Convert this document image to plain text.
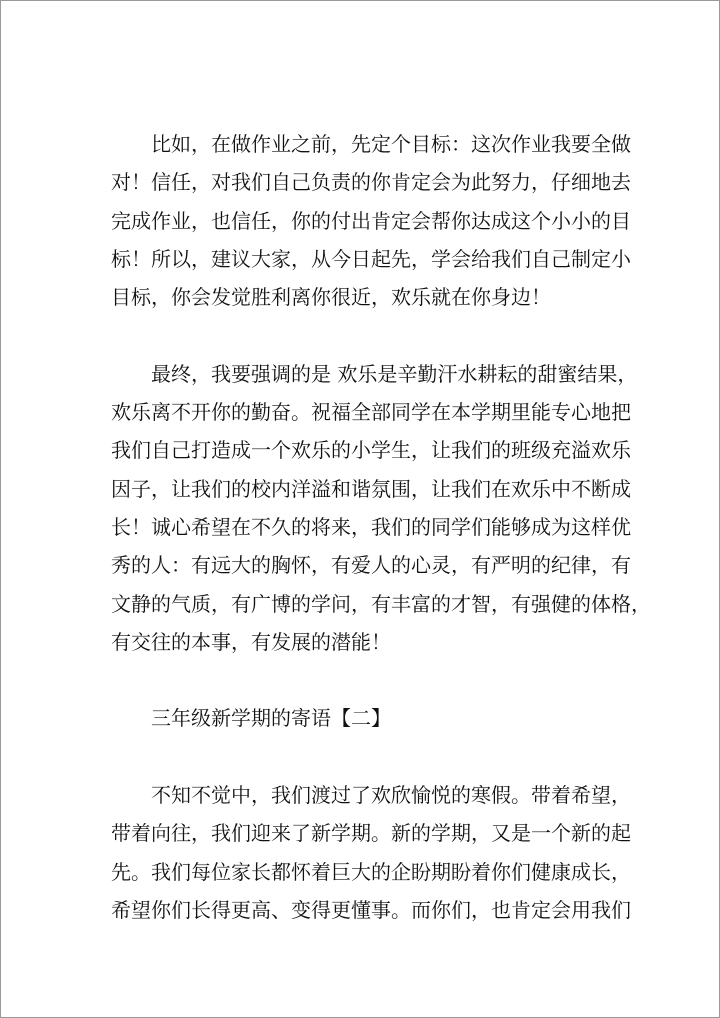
比如，在做作业之前，先定个目标：这次作业我要全做
对！信任，对我们自己负责的你肯定会为此努力，仔细地去
完成作业，也信任，你的付出肯定会帮你达成这个小小的目
标！所以，建议大家，从今日起先，学会给我们自己制定小
目标，你会发觉胜利离你很近，欢乐就在你身边！
最终，我要强调的是 欢乐是辛勤汗水耕耘的甜蜜结果，
欢乐离不开你的勤奋。祝福全部同学在本学期里能专心地把
我们自己打造成一个欢乐的小学生，让我们的班级充溢欢乐
因子，让我们的校内洋溢和谐氛围，让我们在欢乐中不断成
长！诚心希望在不久的将来，我们的同学们能够成为这样优
秀的人：有远大的胸怀，有爱人的心灵，有严明的纪律，有
文静的气质，有广博的学问，有丰富的才智，有强健的体格，
有交往的本事，有发展的潜能！
三年级新学期的寄语【二】
不知不觉中，我们渡过了欢欣愉悦的寒假。带着希望，
带着向往，我们迎来了新学期。新的学期，又是一个新的起
先。我们每位家长都怀着巨大的企盼期盼着你们健康成长，
希望你们长得更高、变得更懂事。而你们，也肯定会用我们
